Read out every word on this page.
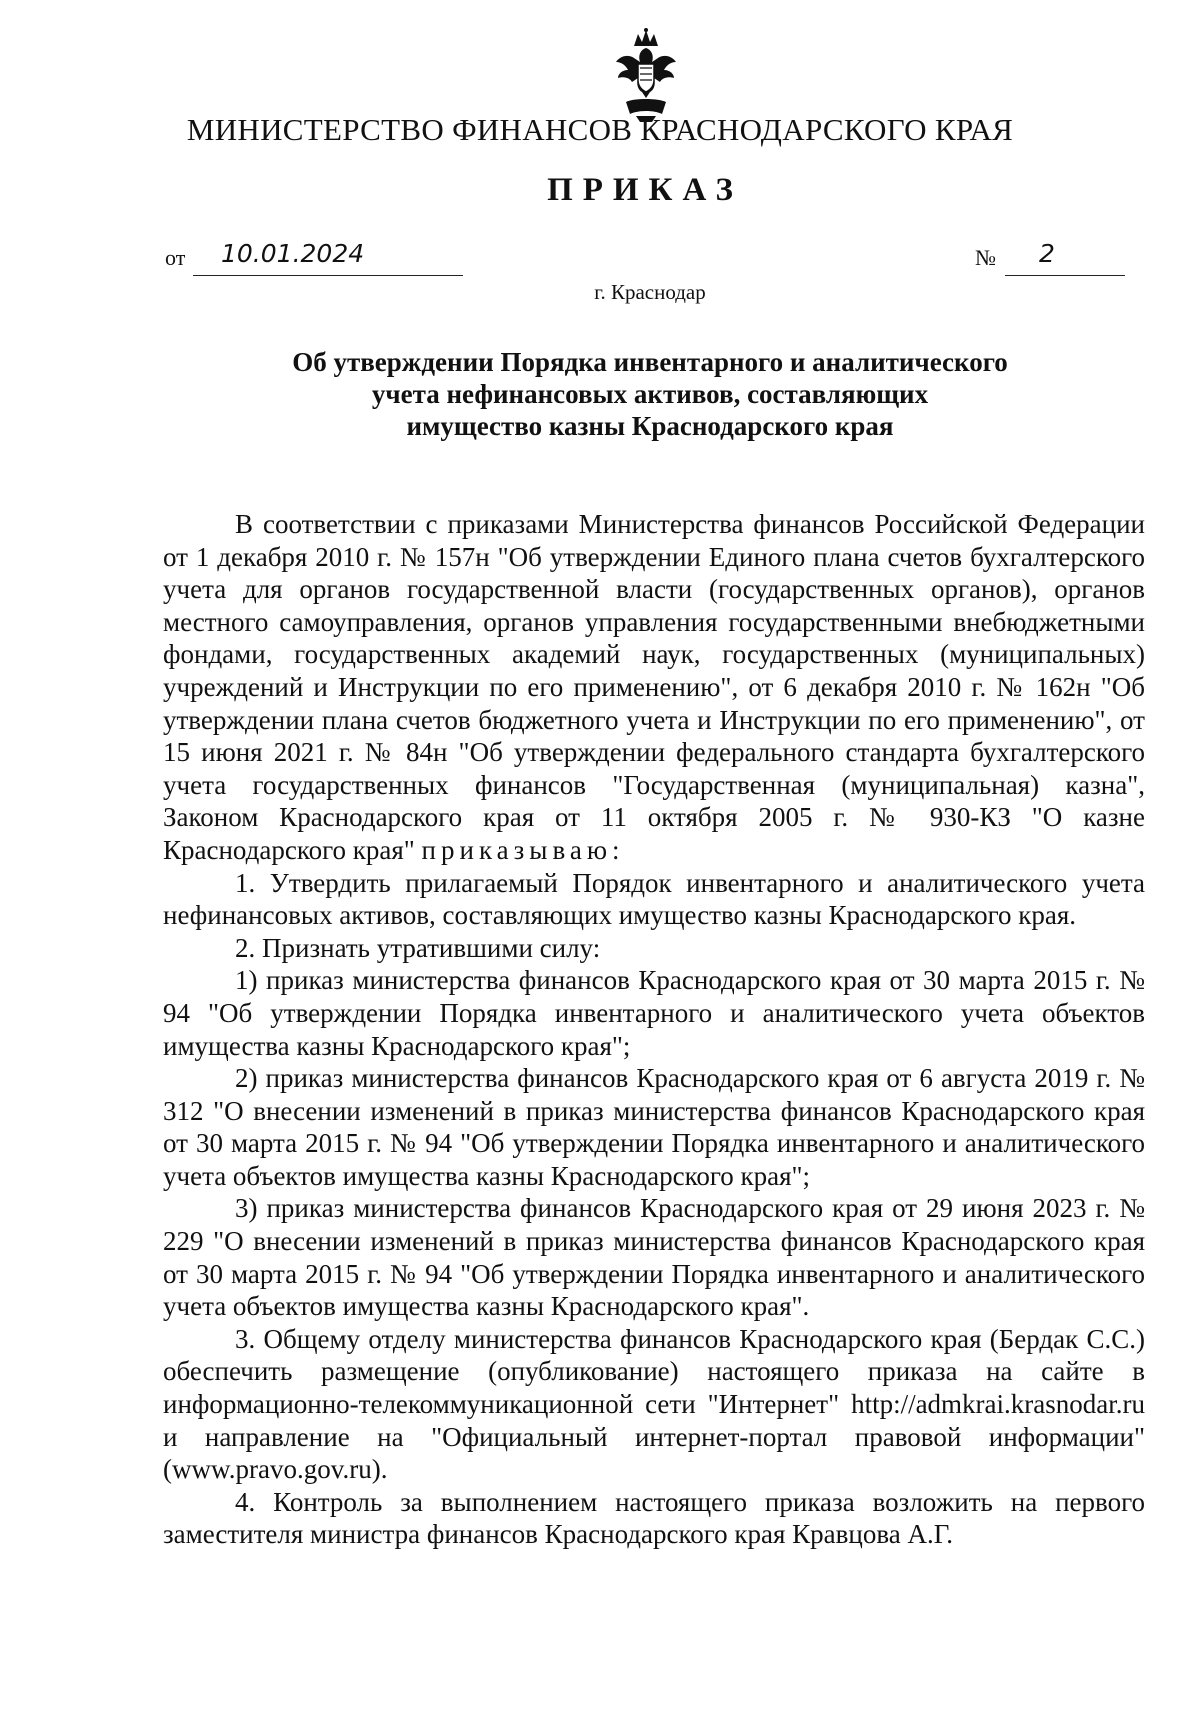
МИНИСТЕРСТВО ФИНАНСОВ КРАСНОДАРСКОГО КРАЯ
ПРИКАЗ
от 10.01.2024	№ 2
г. Краснодар
Об утверждении Порядка инвентарного и аналитического
учета нефинансовых активов, составляющих
имущество казны Краснодарского края

В соответствии с приказами Министерства финансов Российской Федерации от 1 декабря 2010 г. № 157н "Об утверждении Единого плана счетов бухгалтерского учета для органов государственной власти (государственных органов), органов местного самоуправления, органов управления государственными внебюджетными фондами, государственных академий наук, государственных (муниципальных) учреждений и Инструкции по его применению", от 6 декабря 2010 г. № 162н "Об утверждении плана счетов бюджетного учета и Инструкции по его применению", от 15 июня 2021 г. № 84н "Об утверждении федерального стандарта бухгалтерского учета государственных финансов "Государственная (муниципальная) казна", Законом Краснодарского края от 11 октября 2005 г. № 930-КЗ "О казне Краснодарского края" приказываю:

1. Утвердить прилагаемый Порядок инвентарного и аналитического учета нефинансовых активов, составляющих имущество казны Краснодарского края.

2. Признать утратившими силу:

1) приказ министерства финансов Краснодарского края от 30 марта 2015 г. № 94 "Об утверждении Порядка инвентарного и аналитического учета объектов имущества казны Краснодарского края";

2) приказ министерства финансов Краснодарского края от 6 августа 2019 г. № 312 "О внесении изменений в приказ министерства финансов Краснодарского края от 30 марта 2015 г. № 94 "Об утверждении Порядка инвентарного и аналитического учета объектов имущества казны Краснодарского края";

3) приказ министерства финансов Краснодарского края от 29 июня 2023 г. № 229 "О внесении изменений в приказ министерства финансов Краснодарского края от 30 марта 2015 г. № 94 "Об утверждении Порядка инвентарного и аналитического учета объектов имущества казны Краснодарского края".

3. Общему отделу министерства финансов Краснодарского края (Бердак С.С.) обеспечить размещение (опубликование) настоящего приказа на сайте в информационно-телекоммуникационной сети "Интернет" http://admkrai.krasnodar.ru и направление на "Официальный интернет-портал правовой информации" (www.pravo.gov.ru).

4. Контроль за выполнением настоящего приказа возложить на первого заместителя министра финансов Краснодарского края Кравцова А.Г.
